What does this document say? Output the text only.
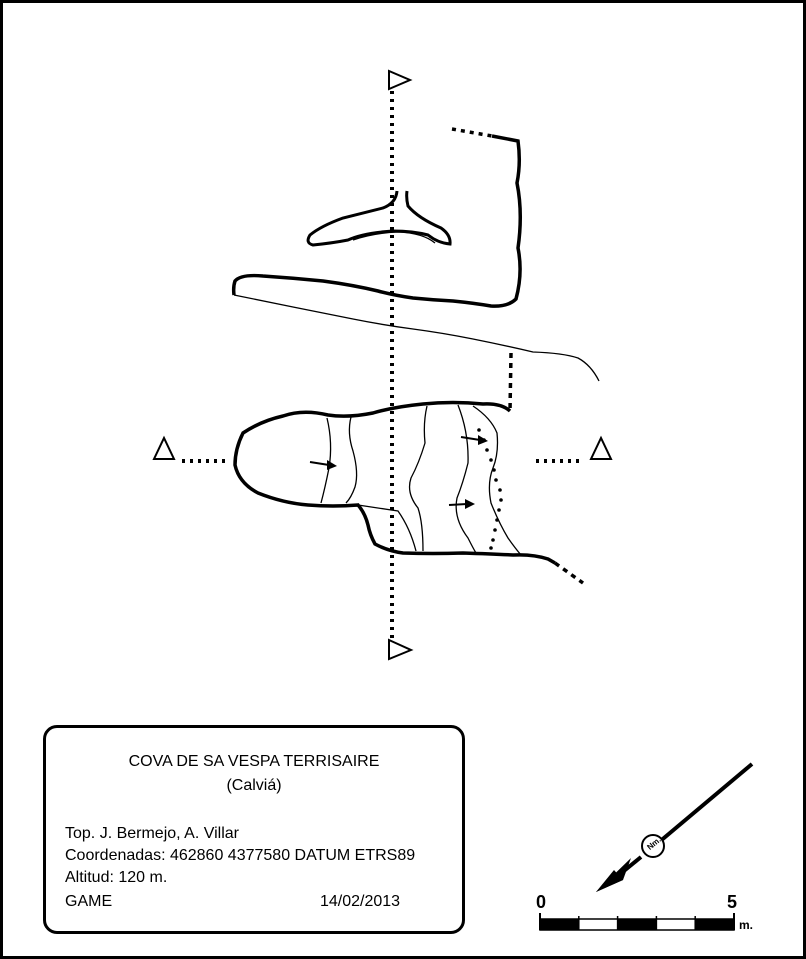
Nm.
0	5
m.
COVA DE SA VESPA TERRISAIRE
(Calviá)
Top. J. Bermejo, A. Villar
Coordenadas: 462860 4377580 DATUM ETRS89
Altitud: 120 m.
GAME	14/02/2013
